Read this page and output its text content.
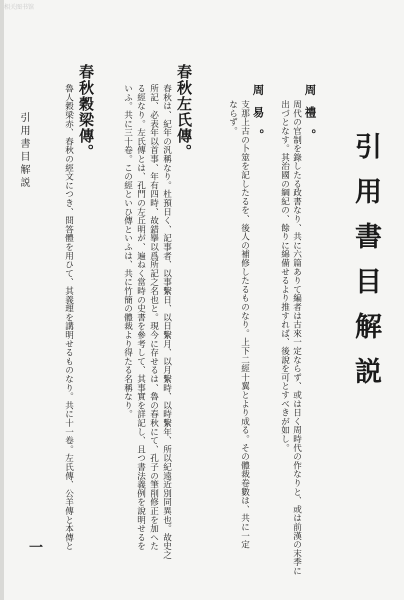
相关图书馆
引用書目解説
周禮。
周代の官制を錄したる政書なり、共に六篇ありて編者は古來一定ならず、或は日く周時代の作なりと、或は前漢の末季に
出づとなす。其治國の綱紀の、餘りに綿備せるより推すれば、後說を可とすべきが如し。
周易。
支那上古の卜筮を記したるを、後人の補修したるものなり。上下二經十翼とより成る。その體裁卷數は、共に一定
ならず。
春秋左氏傳。
春秋は、紀年の汎稱なり。杜預日く、記事者、以事繫日、以日繫月、以月繫時、以時繫年、所以紀遠近別同異也。故史之
所記、必表年以首事、年有四時、故錯擧以爲所記之名也と。現今に存せるは、魯の春秋にて、孔子の筆削修正を加へた
る經なり。左氏傳とは、孔門の左丘明が、遍ねく當時の史書を參考して、其事實を詳記し、且つ書法義例を說明せるを
いふ。共に三十卷。この經といひ傳といふは、共に竹簡の體裁より得たる名稱なり。
春秋穀梁傳。
魯人穀梁赤、春秋の經文につき、問答體を用ひて、其義理を講明せるものなり。共に十一卷。左氏傳、公羊傳と本傳と
引用書目解説
一
